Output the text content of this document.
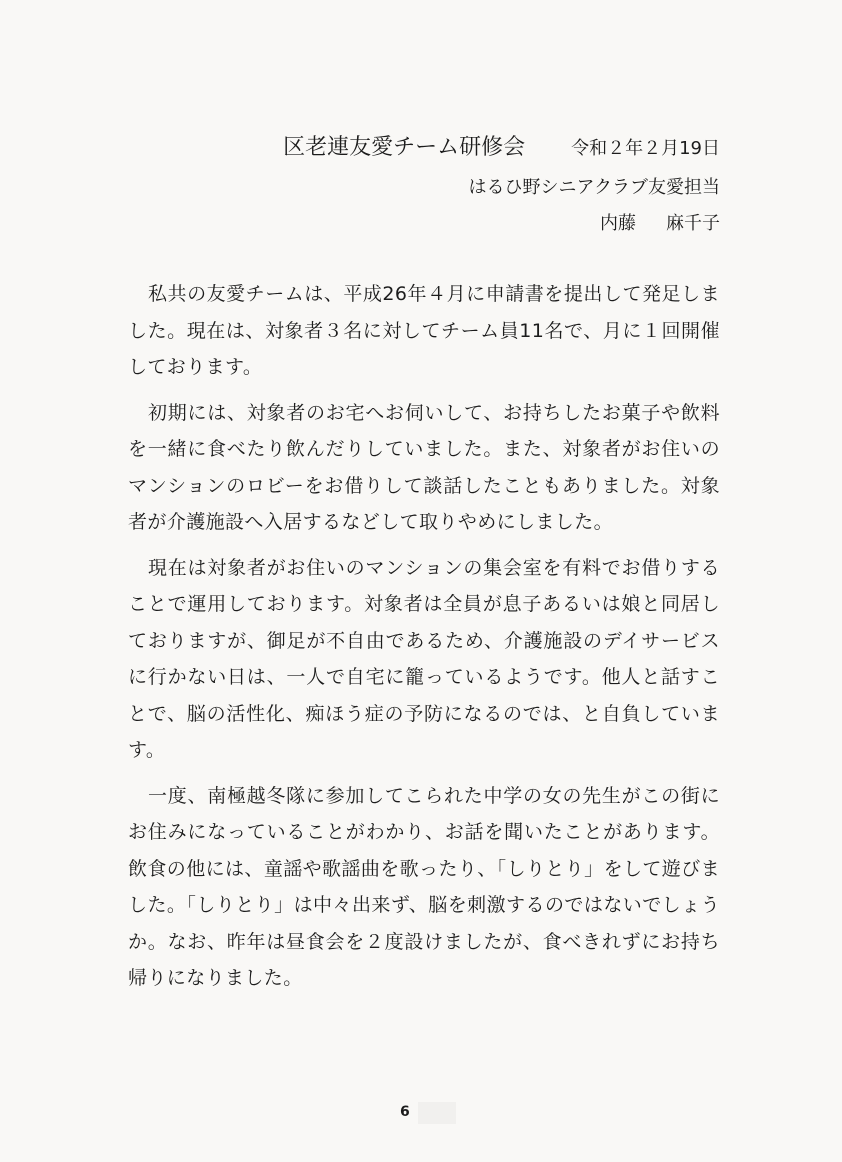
区老連友愛チーム研修会	令和２年２月19日
はるひ野シニアクラブ友愛担当
内藤 麻千子

私共の友愛チームは、平成26年４月に申請書を提出して発足しました。現在は、対象者３名に対してチーム員11名で、月に１回開催しております。

初期には、対象者のお宅へお伺いして、お持ちしたお菓子や飲料を一緒に食べたり飲んだりしていました。また、対象者がお住いのマンションのロビーをお借りして談話したこともありました。対象者が介護施設へ入居するなどして取りやめにしました。

現在は対象者がお住いのマンションの集会室を有料でお借りすることで運用しております。対象者は全員が息子あるいは娘と同居しておりますが、御足が不自由であるため、介護施設のデイサービスに行かない日は、一人で自宅に籠っているようです。他人と話すことで、脳の活性化、痴ほう症の予防になるのでは、と自負しています。

一度、南極越冬隊に参加してこられた中学の女の先生がこの街にお住みになっていることがわかり、お話を聞いたことがあります。飲食の他には、童謡や歌謡曲を歌ったり、「しりとり」をして遊びました。「しりとり」は中々出来ず、脳を刺激するのではないでしょうか。なお、昨年は昼食会を２度設けましたが、食べきれずにお持ち帰りになりました。

6
